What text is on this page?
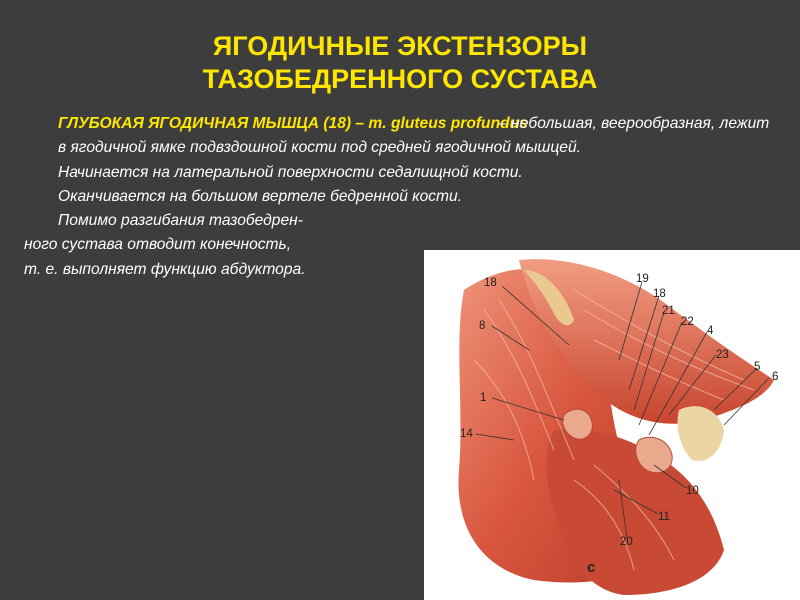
ЯГОДИЧНЫЕ ЭКСТЕНЗОРЫ
ТАЗОБЕДРЕННОГО СУСТАВА

ГЛУБОКАЯ ЯГОДИЧНАЯ МЫШЦА (18) – m. gluteus profundus – небольшая, веерообразная, лежит в ягодичной ямке подвздошной кости под средней ягодичной мышцей.

Начинается на латеральной поверхности седалищной кости.

Оканчивается на большом вертеле бедренной кости.

Помимо разгибания тазобедрен-

ного сустава отводит конечность,

т. е. выполняет функцию абдуктора.

18
8
1
14
19
18
21
22
4
23
5
6
10
11
20
c
